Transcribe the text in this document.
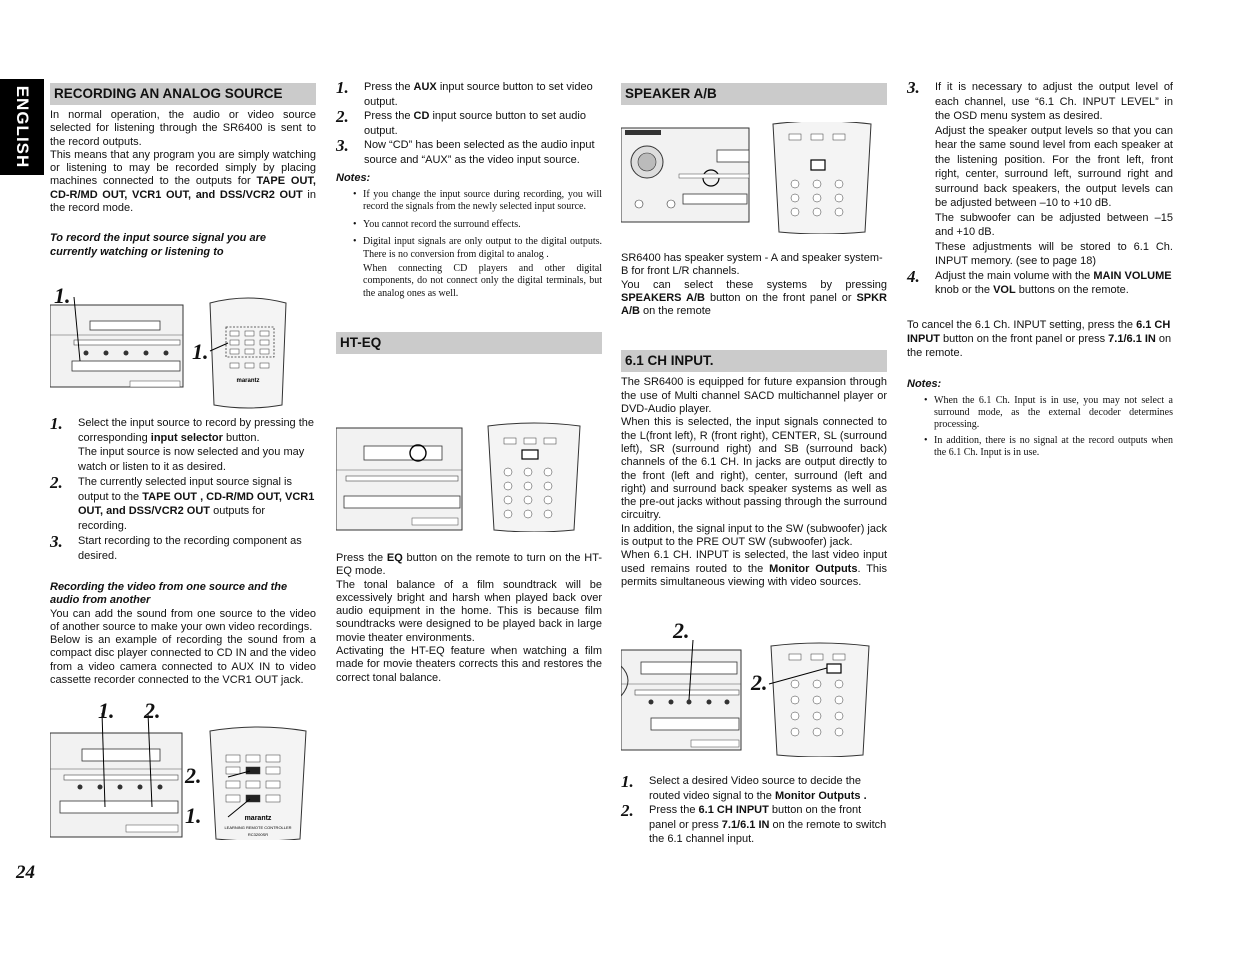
ENGLISH RECORDING AN ANALOG SOURCE

In normal operation, the audio or video source selected for listening through the SR6400 is sent to the record outputs.

This means that any program you are simply watching or listening to may be recorded simply by placing machines connected to the outputs for TAPE OUT, CD-R/MD OUT, VCR1 OUT, and DSS/VCR2 OUT in the record mode.

To record the input source signal you are currently watching or listening to

marantz
1.
1.
1.	Select the input source to record by pressing the corresponding input selector button.
The input source is now selected and you may watch or listen to it as desired.
2.	The currently selected input source signal is output to the TAPE OUT , CD-R/MD OUT, VCR1 OUT, and DSS/VCR2 OUT outputs for recording.
3.	Start recording to the recording component as desired.

Recording the video from one source and the audio from another

You can add the sound from one source to the video of another source to make your own video recordings.

Below is an example of recording the sound from a compact disc player connected to CD IN and the video from a video camera connected to AUX IN to video cassette recorder connected to the VCR1 OUT jack.

marantz
LEARNING REMOTE CONTROLLER
RC3200SR
1. 2.
2.
1.
24
1.	Press the AUX input source button to set video output.
2.	Press the CD input source button to set audio output.
3.	Now “CD” has been selected as the audio input source and “AUX” as the video input source.
Notes:
• If you change the input source during recording, you will record the signals from the newly selected input source.
• You cannot record the surround effects.
• Digital input signals are only output to the digital outputs. There is no conversion from digital to analog .
When connecting CD players and other digital components, do not connect only the digital terminals, but the analog ones as well.
HT-EQ

Press the EQ button on the remote to turn on the HT-EQ mode.

The tonal balance of a film soundtrack will be excessively bright and harsh when played back over audio equipment in the home. This is because film soundtracks were designed to be played back in large movie theater environments.

Activating the HT-EQ feature when watching a film made for movie theaters corrects this and restores the correct tonal balance.

SPEAKER A/B

SR6400 has speaker system - A and speaker system-B for front L/R channels.

You can select these systems by pressing SPEAKERS A/B button on the front panel or SPKR A/B on the remote

6.1 CH INPUT.

The SR6400 is equipped for future expansion through the use of Multi channel SACD multichannel player or DVD-Audio player.

When this is selected, the input signals connected to the L(front left), R (front right), CENTER, SL (surround left), SR (surround right) and SB (surround back) channels of the 6.1 CH. In jacks are output directly to the front (left and right), center, surround (left and right) and surround back speaker systems as well as the pre-out jacks without passing through the surround circuitry.

In addition, the signal input to the SW (subwoofer) jack is output to the PRE OUT SW (subwoofer) jack.

When 6.1 CH. INPUT is selected, the last video input used remains routed to the Monitor Outputs. This permits simultaneous viewing with video sources.

2.
2.
1.	Select a desired Video source to decide the routed video signal to the Monitor Outputs .
2.	Press the 6.1 CH INPUT button on the front panel or press 7.1/6.1 IN on the remote to switch the 6.1 channel input.
3.	If it is necessary to adjust the output level of each channel, use “6.1 Ch. INPUT LEVEL” in the OSD menu system as desired.
Adjust the speaker output levels so that you can hear the same sound level from each speaker at the listening position. For the front left, front right, center, surround left, surround right and surround back speakers, the output levels can be adjusted between –10 to +10 dB.
The subwoofer can be adjusted between –15 and +10 dB.
These adjustments will be stored to 6.1 Ch. INPUT memory. (see to page 18)
4.	Adjust the main volume with the MAIN VOLUME knob or the VOL buttons on the remote.

To cancel the 6.1 Ch. INPUT setting, press the 6.1 CH INPUT button on the front panel or press 7.1/6.1 IN on the remote.

Notes:
• When the 6.1 Ch. Input is in use, you may not select a surround mode, as the external decoder determines processing.
• In addition, there is no signal at the record outputs when the 6.1 Ch. Input is in use.
